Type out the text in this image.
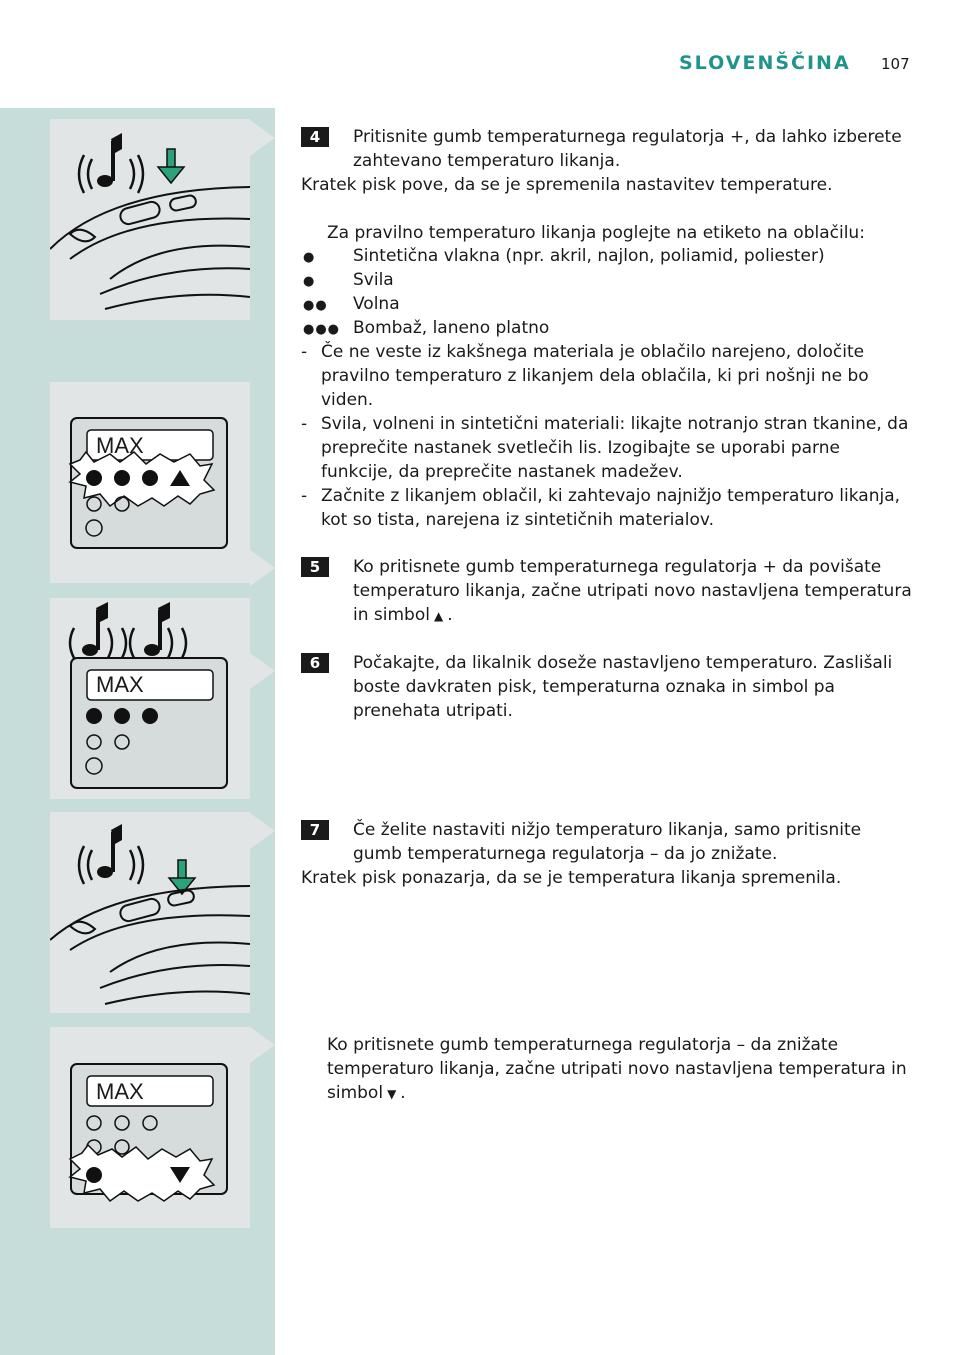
SLOVENŠČINA 107
MAX
MAX
MAX
4	Pritisnite gumb temperaturnega regulatorja +, da lahko izberete zahtevano temperaturo likanja.
Kratek pisk pove, da se je spremenila nastavitev temperature.
Za pravilno temperaturo likanja poglejte na etiketo na oblačilu:
● Sintetična vlakna (npr. akril, najlon, poliamid, poliester)
● Svila
●● Volna
●●● Bombaž, laneno platno
- Če ne veste iz kakšnega materiala je oblačilo narejeno, določite pravilno temperaturo z likanjem dela oblačila, ki pri nošnji ne bo viden.
- Svila, volneni in sintetični materiali: likajte notranjo stran tkanine, da preprečite nastanek svetlečih lis. Izogibajte se uporabi parne funkcije, da preprečite nastanek madežev.
- Začnite z likanjem oblačil, ki zahtevajo najnižjo temperaturo likanja, kot so tista, narejena iz sintetičnih materialov.
5	Ko pritisnete gumb temperaturnega regulatorja + da povišate temperaturo likanja, začne utripati novo nastavljena temperatura in simbol ▲ .
6	Počakajte, da likalnik doseže nastavljeno temperaturo. Zaslišali boste davkraten pisk, temperaturna oznaka in simbol pa prenehata utripati.
7	Če želite nastaviti nižjo temperaturo likanja, samo pritisnite gumb temperaturnega regulatorja – da jo znižate.
Kratek pisk ponazarja, da se je temperatura likanja spremenila.
Ko pritisnete gumb temperaturnega regulatorja – da znižate temperaturo likanja, začne utripati novo nastavljena temperatura in simbol ▼ .
